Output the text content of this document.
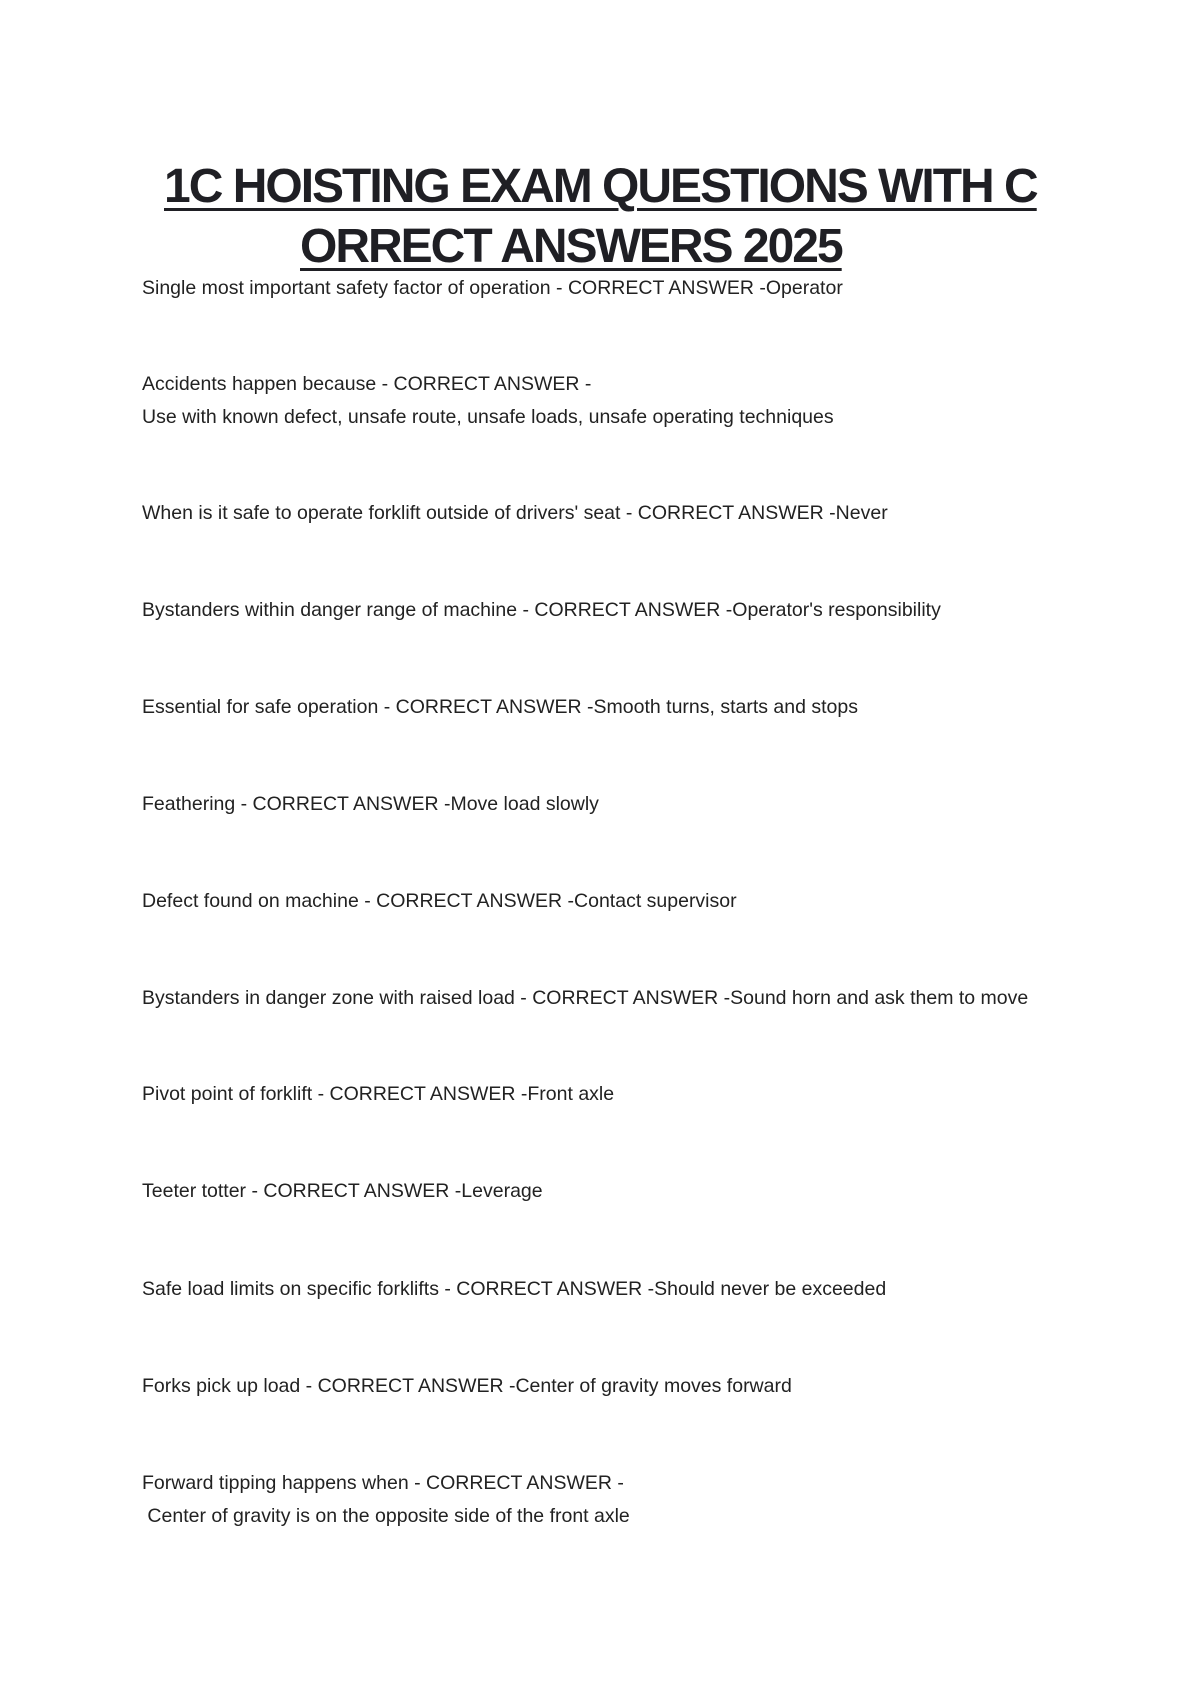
1C HOISTING EXAM QUESTIONS WITH C
ORRECT ANSWERS 2025
Single most important safety factor of operation - CORRECT ANSWER -Operator
Accidents happen because - CORRECT ANSWER -
Use with known defect, unsafe route, unsafe loads, unsafe operating techniques
When is it safe to operate forklift outside of drivers' seat - CORRECT ANSWER -Never
Bystanders within danger range of machine - CORRECT ANSWER -Operator's responsibility
Essential for safe operation - CORRECT ANSWER -Smooth turns, starts and stops
Feathering - CORRECT ANSWER -Move load slowly
Defect found on machine - CORRECT ANSWER -Contact supervisor
Bystanders in danger zone with raised load - CORRECT ANSWER -Sound horn and ask them to move
Pivot point of forklift - CORRECT ANSWER -Front axle
Teeter totter - CORRECT ANSWER -Leverage
Safe load limits on specific forklifts - CORRECT ANSWER -Should never be exceeded
Forks pick up load - CORRECT ANSWER -Center of gravity moves forward
Forward tipping happens when - CORRECT ANSWER -
Center of gravity is on the opposite side of the front axle
